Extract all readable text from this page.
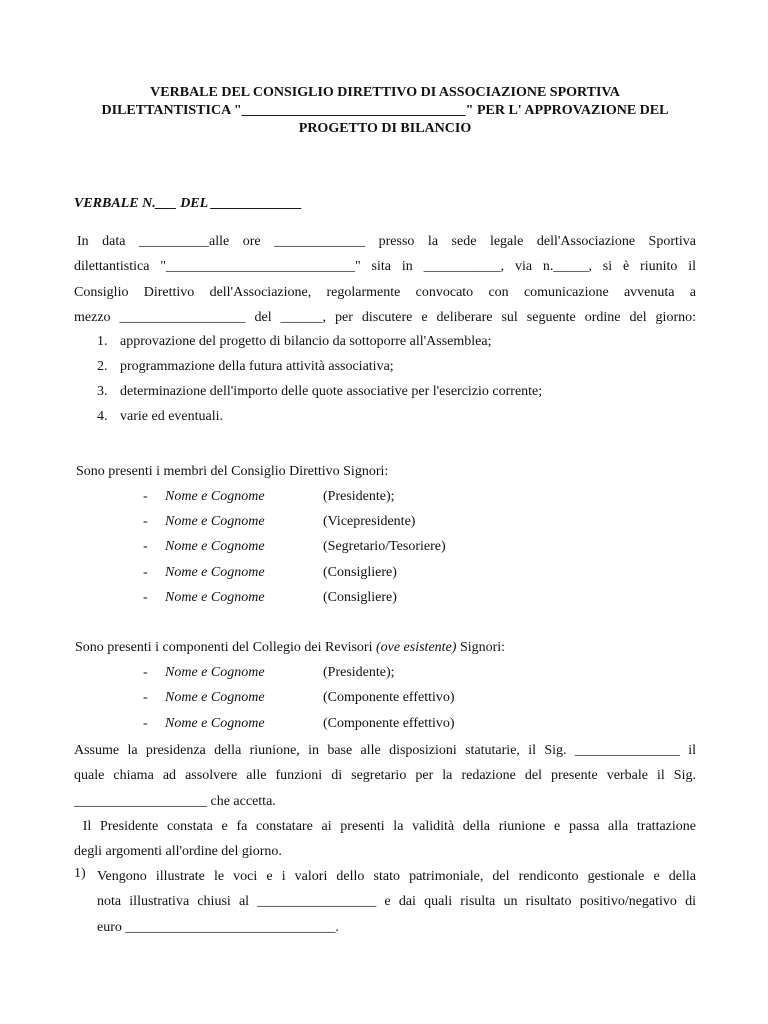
VERBALE DEL CONSIGLIO DIRETTIVO DI ASSOCIAZIONE SPORTIVA
DILETTANTISTICA "________________________________" PER L' APPROVAZIONE DEL
PROGETTO DI BILANCIO
VERBALE N.___ DEL _____________
In data __________alle ore _____________ presso la sede legale dell'Associazione Sportiva
dilettantistica "___________________________" sita in ___________, via n._____, si è riunito il
Consiglio Direttivo dell'Associazione, regolarmente convocato con comunicazione avvenuta a
mezzo __________________ del ______, per discutere e deliberare sul seguente ordine del giorno:
1. approvazione del progetto di bilancio da sottoporre all'Assemblea;
2. programmazione della futura attività associativa;
3. determinazione dell'importo delle quote associative per l'esercizio corrente;
4. varie ed eventuali.
Sono presenti i membri del Consiglio Direttivo Signori:
- Nome e Cognome	(Presidente);
- Nome e Cognome	(Vicepresidente)
- Nome e Cognome	(Segretario/Tesoriere)
- Nome e Cognome	(Consigliere)
- Nome e Cognome	(Consigliere)
Sono presenti i componenti del Collegio dei Revisori (ove esistente) Signori:
- Nome e Cognome	(Presidente);
- Nome e Cognome	(Componente effettivo)
- Nome e Cognome	(Componente effettivo)
Assume la presidenza della riunione, in base alle disposizioni statutarie, il Sig. _______________ il
quale chiama ad assolvere alle funzioni di segretario per la redazione del presente verbale il Sig.
___________________ che accetta.
Il Presidente constata e fa constatare ai presenti la validità della riunione e passa alla trattazione
degli argomenti all'ordine del giorno.
1) Vengono illustrate le voci e i valori dello stato patrimoniale, del rendiconto gestionale e della
nota illustrativa chiusi al _________________ e dai quali risulta un risultato positivo/negativo di
euro ______________________________.
